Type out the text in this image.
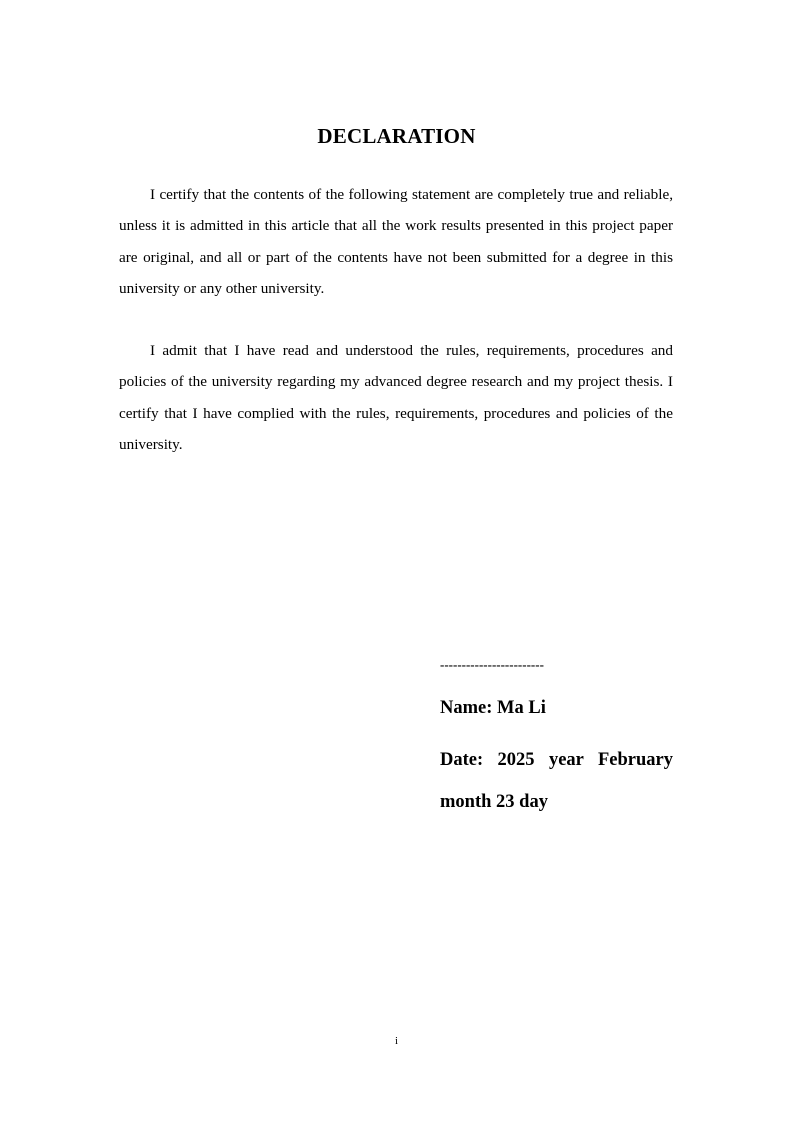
DECLARATION

I certify that the contents of the following statement are completely true and reliable, unless it is admitted in this article that all the work results presented in this project paper are original, and all or part of the contents have not been submitted for a degree in this university or any other university.

I admit that I have read and understood the rules, requirements, procedures and policies of the university regarding my advanced degree research and my project thesis. I certify that I have complied with the rules, requirements, procedures and policies of the university.

------------------------
Name: Ma Li
Date: 2025 year February
month 23 day
i
